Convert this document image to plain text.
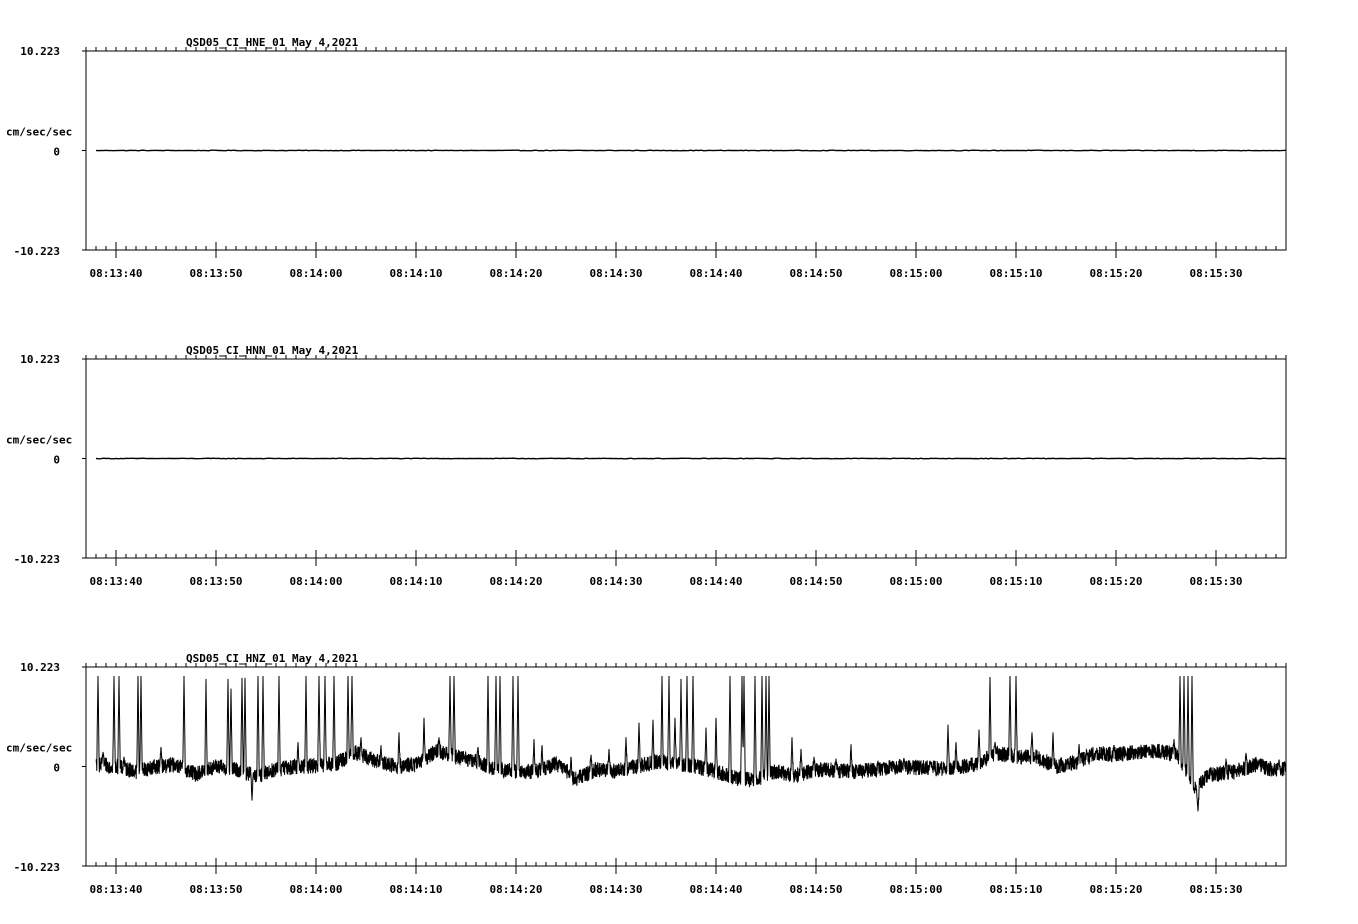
QSD05_CI_HNE_01 May 4,2021
10.223
0
-10.223
cm/sec/sec
08:13:40	08:13:50	08:14:00	08:14:10	08:14:20	08:14:30	08:14:40	08:14:50	08:15:00	08:15:10	08:15:20	08:15:30
QSD05_CI_HNN_01 May 4,2021
10.223
0
-10.223
cm/sec/sec
08:13:40	08:13:50	08:14:00	08:14:10	08:14:20	08:14:30	08:14:40	08:14:50	08:15:00	08:15:10	08:15:20	08:15:30
QSD05_CI_HNZ_01 May 4,2021
10.223
0
-10.223
cm/sec/sec
08:13:40	08:13:50	08:14:00	08:14:10	08:14:20	08:14:30	08:14:40	08:14:50	08:15:00	08:15:10	08:15:20	08:15:30
